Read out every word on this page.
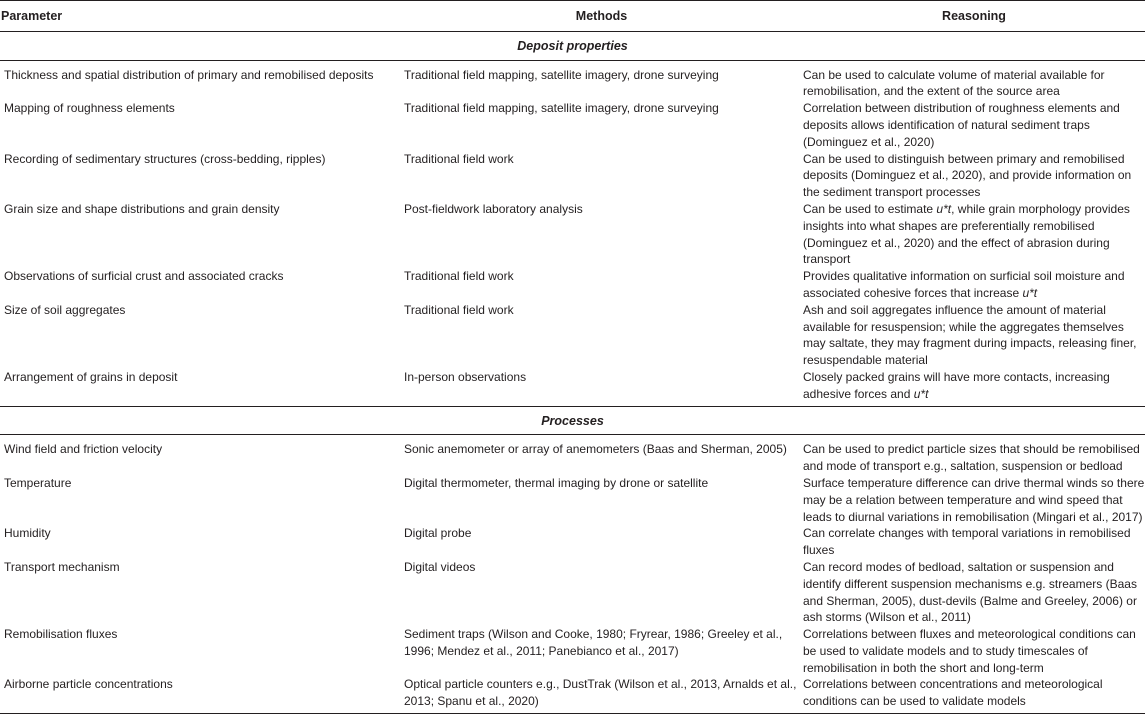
Parameter	Methods	Reasoning
Deposit properties		
Thickness and spatial distribution of primary and remobilised deposits	Traditional field mapping, satellite imagery, drone surveying	Can be used to calculate volume of material available for remobilisation, and the extent of the source area
Mapping of roughness elements	Traditional field mapping, satellite imagery, drone surveying	Correlation between distribution of roughness elements and deposits allows identification of natural sediment traps (Dominguez et al., 2020)
Recording of sedimentary structures (cross-bedding, ripples)	Traditional field work	Can be used to distinguish between primary and remobilised deposits (Dominguez et al., 2020), and provide information on the sediment transport processes
Grain size and shape distributions and grain density	Post-fieldwork laboratory analysis	Can be used to estimate u*t, while grain morphology provides insights into what shapes are preferentially remobilised (Dominguez et al., 2020) and the effect of abrasion during transport
Observations of surficial crust and associated cracks	Traditional field work	Provides qualitative information on surficial soil moisture and associated cohesive forces that increase u*t
Size of soil aggregates	Traditional field work	Ash and soil aggregates influence the amount of material available for resuspension; while the aggregates themselves may saltate, they may fragment during impacts, releasing finer, resuspendable material
Arrangement of grains in deposit	In-person observations	Closely packed grains will have more contacts, increasing adhesive forces and u*t
Processes		
Wind field and friction velocity	Sonic anemometer or array of anemometers (Baas and Sherman, 2005)	Can be used to predict particle sizes that should be remobilised and mode of transport e.g., saltation, suspension or bedload
Temperature	Digital thermometer, thermal imaging by drone or satellite	Surface temperature difference can drive thermal winds so there may be a relation between temperature and wind speed that leads to diurnal variations in remobilisation (Mingari et al., 2017)
Humidity	Digital probe	Can correlate changes with temporal variations in remobilised fluxes
Transport mechanism	Digital videos	Can record modes of bedload, saltation or suspension and identify different suspension mechanisms e.g. streamers (Baas and Sherman, 2005), dust-devils (Balme and Greeley, 2006) or ash storms (Wilson et al., 2011)
Remobilisation fluxes	Sediment traps (Wilson and Cooke, 1980; Fryrear, 1986; Greeley et al., 1996; Mendez et al., 2011; Panebianco et al., 2017)	Correlations between fluxes and meteorological conditions can be used to validate models and to study timescales of remobilisation in both the short and long-term
Airborne particle concentrations	Optical particle counters e.g., DustTrak (Wilson et al., 2013, Arnalds et al., 2013; Spanu et al., 2020)	Correlations between concentrations and meteorological conditions can be used to validate models
